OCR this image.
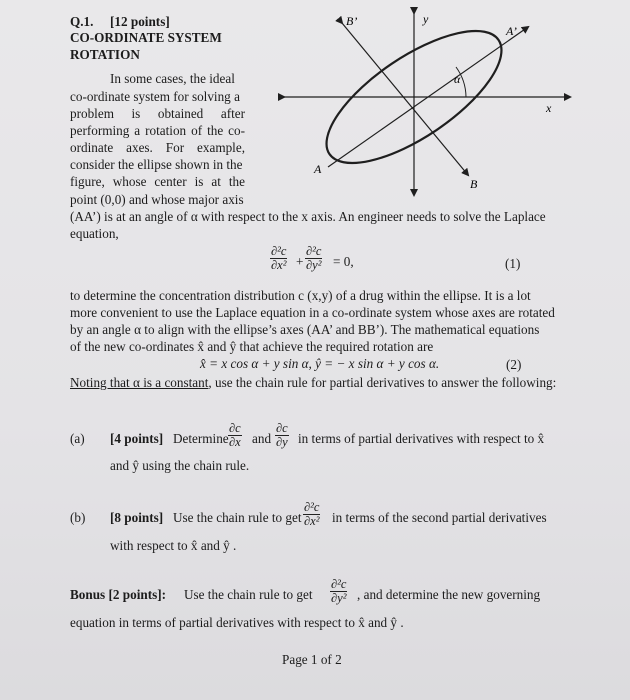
Q.1. [12 points]
CO-ORDINATE SYSTEM
ROTATION
In some cases, the ideal
co-ordinate system for solving a
problem is obtained after
performing a rotation of the co-
ordinate axes. For example,
consider the ellipse shown in the
figure, whose center is at the
point (0,0) and whose major axis
(AA’) is at an angle of α with respect to the x axis. An engineer needs to solve the Laplace
equation,
B’	y
A’
α
x
A
B
$\frac{\text{∂²c}}{\text{∂x²}} + \frac{\text{∂²c}}{\text{∂y²}} = 0$,	(1)
to determine the concentration distribution c (x,y) of a drug within the ellipse. It is a lot
more convenient to use the Laplace equation in a co-ordinate system whose axes are rotated
by an angle α to align with the ellipse’s axes (AA’ and BB’). The mathematical equations
of the new co-ordinates x̂ and ŷ that achieve the required rotation are
x̂ = x cos α + y sin α, ŷ = − x sin α + y cos α.	(2)
Noting that α is a constant, use the chain rule for partial derivatives to answer the following:
(a) [4 points] Determine $\frac{\partial c}{\partial x}$ and $\frac{\partial c}{\partial y}$ in terms of partial derivatives with respect to x̂
and ŷ using the chain rule.
(b) [8 points] Use the chain rule to get $\frac{\text{∂²c}}{\text{∂x²}}$ in terms of the second partial derivatives
with respect to x̂ and ŷ .
Bonus [2 points]: Use the chain rule to get $\frac{\text{∂²c}}{\text{∂y²}}$ , and determine the new governing
equation in terms of partial derivatives with respect to x̂ and ŷ .
Page 1 of 2
